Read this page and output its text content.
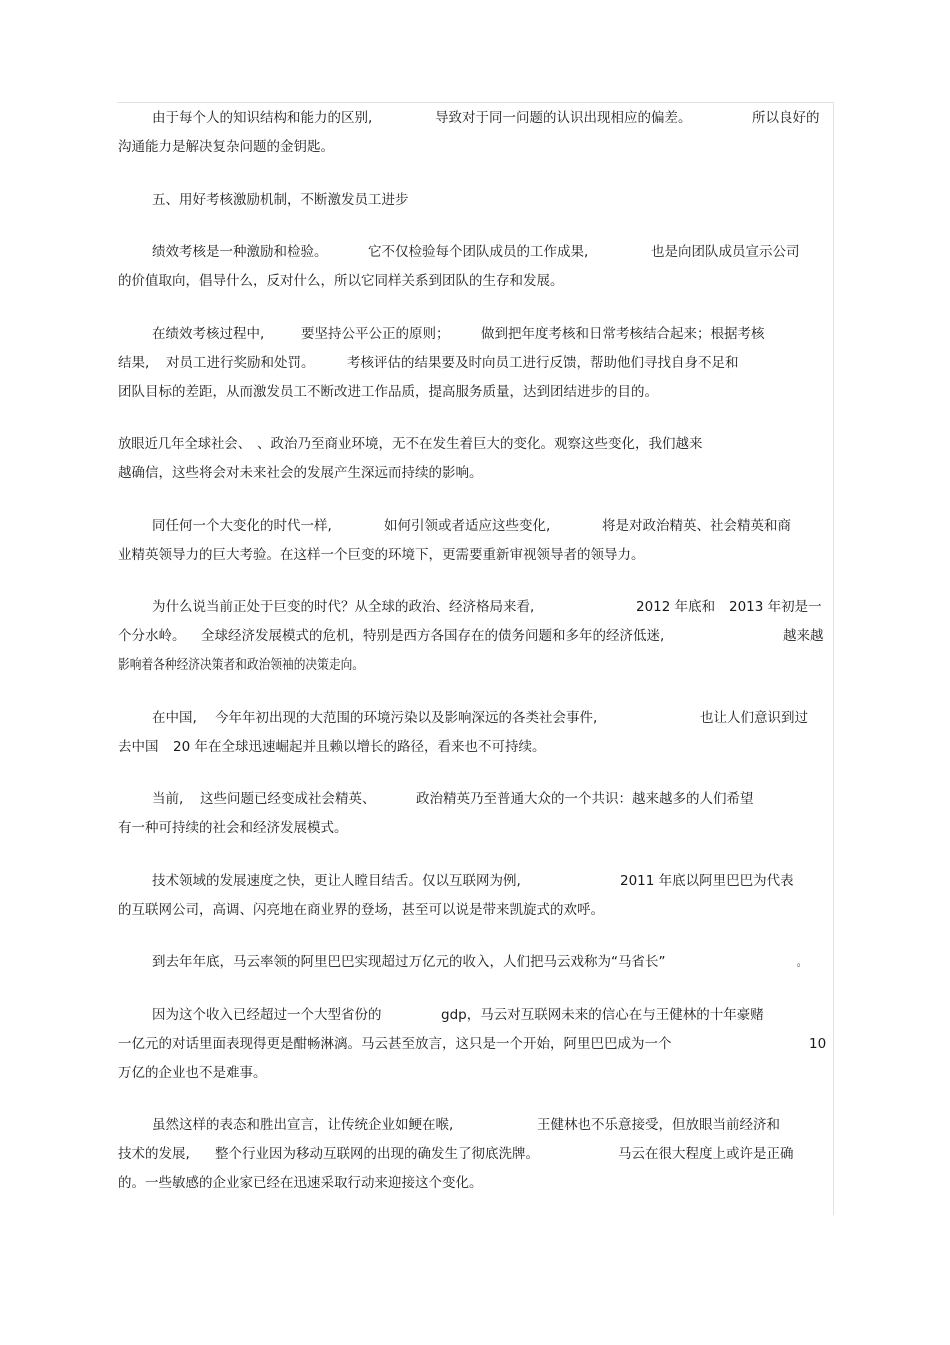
由于每个人的知识结构和能力的区别,	导致对于同一问题的认识出现相应的偏差。	所以良好的
沟通能力是解决复杂问题的金钥匙。
五、用好考核激励机制，不断激发员工进步
绩效考核是一种激励和检验。	它不仅检验每个团队成员的工作成果,	也是向团队成员宣示公司
的价值取向，倡导什么，反对什么，所以它同样关系到团队的生存和发展。
在绩效考核过程中,	要坚持公平公正的原则； 做到把年度考核和日常考核结合起来；根据考核
结果, 对员工进行奖励和处罚。 考核评估的结果要及时向员工进行反馈，帮助他们寻找自身不足和
团队目标的差距，从而激发员工不断改进工作品质，提高服务质量，达到团结进步的目的。
放眼近几年全球社会、 、政治乃至商业环境，无不在发生着巨大的变化。观察这些变化，我们越来
越确信，这些将会对未来社会的发展产生深远而持续的影响。
同任何一个大变化的时代一样,	如何引领或者适应这些变化,	将是对政治精英、社会精英和商
业精英领导力的巨大考验。在这样一个巨变的环境下，更需要重新审视领导者的领导力。
为什么说当前正处于巨变的时代？从全球的政治、经济格局来看,	2012 年底和 2013 年初是一
个分水岭。 全球经济发展模式的危机，特别是西方各国存在的债务问题和多年的经济低迷,	越来越
影响着各种经济决策者和政治领袖的决策走向。
在中国, 今年年初出现的大范围的环境污染以及影响深远的各类社会事件,	也让人们意识到过
去中国 20 年在全球迅速崛起并且赖以增长的路径，看来也不可持续。
当前, 这些问题已经变成社会精英、	政治精英乃至普通大众的一个共识：越来越多的人们希望
有一种可持续的社会和经济发展模式。
技术领域的发展速度之快，更让人瞠目结舌。仅以互联网为例,	2011 年底以阿里巴巴为代表
的互联网公司，高调、闪亮地在商业界的登场，甚至可以说是带来凯旋式的欢呼。
到去年年底，马云率领的阿里巴巴实现超过万亿元的收入，人们把马云戏称为“马省长”	。
因为这个收入已经超过一个大型省份的	gdp，马云对互联网未来的信心在与王健林的十年豪赌
一亿元的对话里面表现得更是酣畅淋漓。马云甚至放言，这只是一个开始，阿里巴巴成为一个	10
万亿的企业也不是难事。
虽然这样的表态和胜出宣言，让传统企业如鲠在喉,	王健林也不乐意接受，但放眼当前经济和
技术的发展, 整个行业因为移动互联网的出现的确发生了彻底洗牌。	马云在很大程度上或许是正确
的。一些敏感的企业家已经在迅速采取行动来迎接这个变化。
